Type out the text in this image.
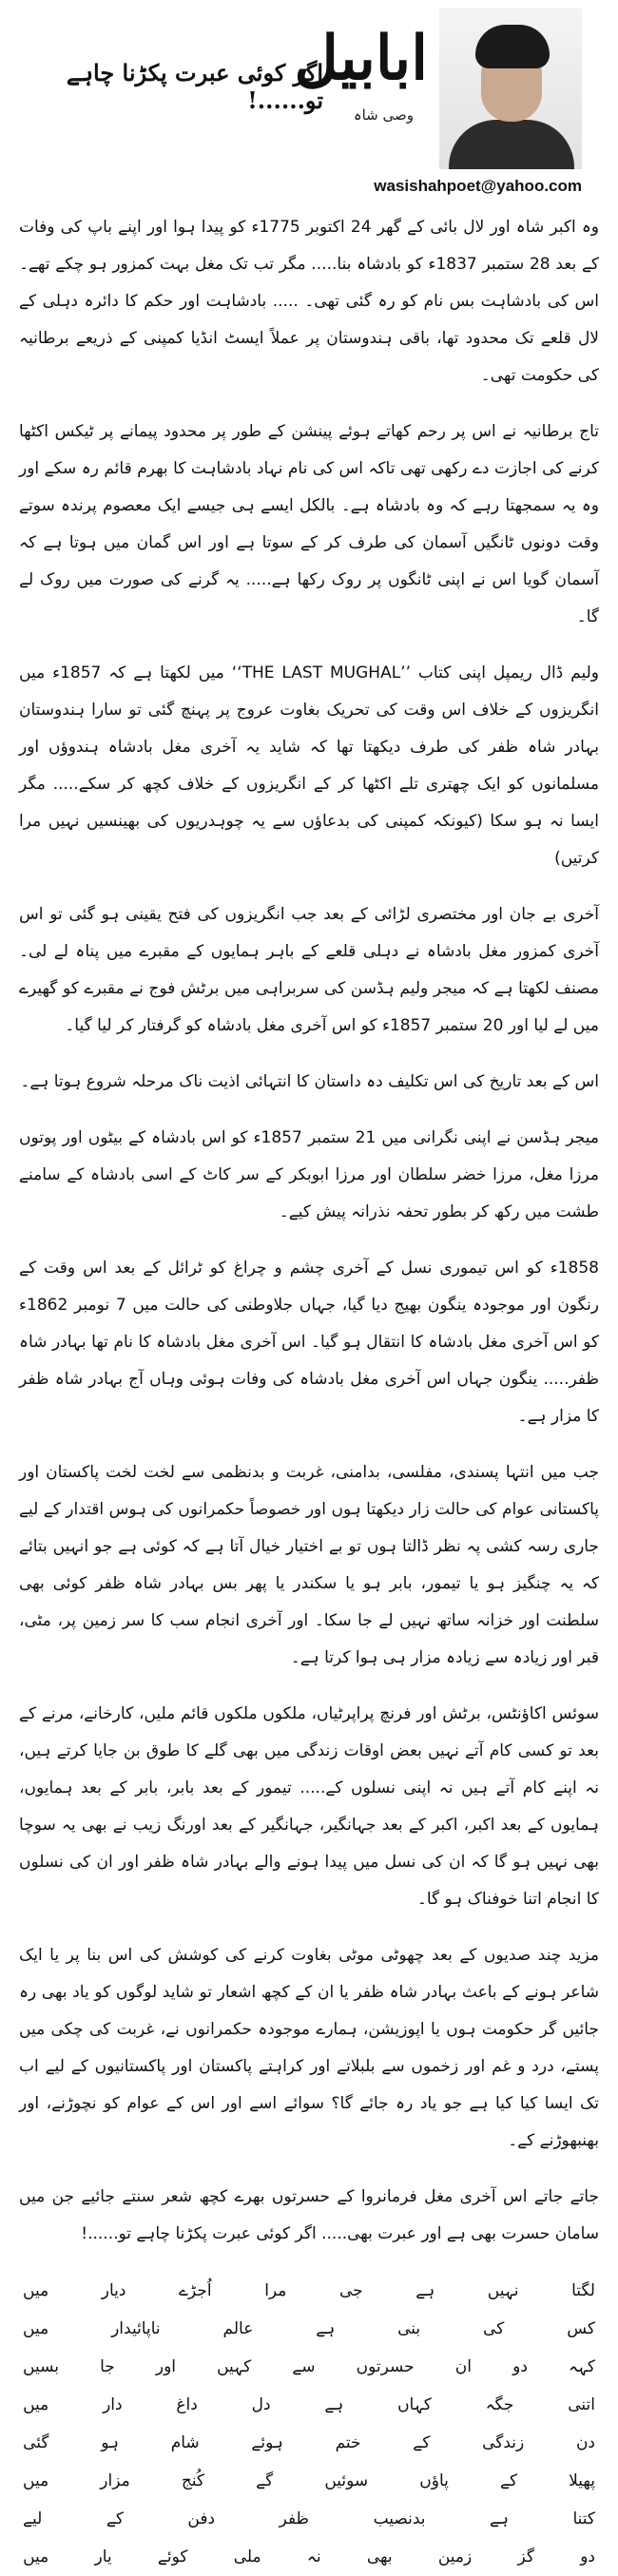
ابابیل
وصی شاہ
اگر کوئی عبرت پکڑنا چاہے تو......!
wasishahpoet@yahoo.com

وہ اکبر شاہ اور لال بائی کے گھر 24 اکتوبر 1775ء کو پیدا ہوا اور اپنے باپ کی وفات کے بعد 28 ستمبر 1837ء کو بادشاہ بنا..... مگر تب تک مغل بہت کمزور ہو چکے تھے۔ اس کی بادشاہت بس نام کو رہ گئی تھی۔ ..... بادشاہت اور حکم کا دائرہ دہلی کے لال قلعے تک محدود تھا، باقی ہندوستان پر عملاً ایسٹ انڈیا کمپنی کے ذریعے برطانیہ کی حکومت تھی۔

تاج برطانیہ نے اس پر رحم کھاتے ہوئے پینشن کے طور پر محدود پیمانے پر ٹیکس اکٹھا کرنے کی اجازت دے رکھی تھی تاکہ اس کی نام نہاد بادشاہت کا بھرم قائم رہ سکے اور وہ یہ سمجھتا رہے کہ وہ بادشاہ ہے۔ بالکل ایسے ہی جیسے ایک معصوم پرندہ سوتے وقت دونوں ٹانگیں آسمان کی طرف کر کے سوتا ہے اور اس گمان میں ہوتا ہے کہ آسمان گویا اس نے اپنی ٹانگوں پر روک رکھا ہے..... یہ گرنے کی صورت میں روک لے گا۔

ولیم ڈال ریمپل اپنی کتاب ’’THE LAST MUGHAL‘‘ میں لکھتا ہے کہ 1857ء میں انگریزوں کے خلاف اس وقت کی تحریک بغاوت عروج پر پہنچ گئی تو سارا ہندوستان بہادر شاہ ظفر کی طرف دیکھتا تھا کہ شاید یہ آخری مغل بادشاہ ہندوؤں اور مسلمانوں کو ایک چھتری تلے اکٹھا کر کے انگریزوں کے خلاف کچھ کر سکے..... مگر ایسا نہ ہو سکا (کیونکہ کمپنی کی بدعاؤں سے یہ چوہدریوں کی بھینسیں نہیں مرا کرتیں)

آخری بے جان اور مختصری لڑائی کے بعد جب انگریزوں کی فتح یقینی ہو گئی تو اس آخری کمزور مغل بادشاہ نے دہلی قلعے کے باہر ہمایوں کے مقبرے میں پناہ لے لی۔ مصنف لکھتا ہے کہ میجر ولیم ہڈسن کی سربراہی میں برٹش فوج نے مقبرے کو گھیرے میں لے لیا اور 20 ستمبر 1857ء کو اس آخری مغل بادشاہ کو گرفتار کر لیا گیا۔

اس کے بعد تاریخ کی اس تکلیف دہ داستان کا انتہائی اذیت ناک مرحلہ شروع ہوتا ہے۔

میجر ہڈسن نے اپنی نگرانی میں 21 ستمبر 1857ء کو اس بادشاہ کے بیٹوں اور پوتوں مرزا مغل، مرزا خضر سلطان اور مرزا ابوبکر کے سر کاٹ کے اسی بادشاہ کے سامنے طشت میں رکھ کر بطور تحفہ نذرانہ پیش کیے۔

1858ء کو اس تیموری نسل کے آخری چشم و چراغ کو ٹرائل کے بعد اس وقت کے رنگون اور موجودہ ینگون بھیج دیا گیا، جہاں جلاوطنی کی حالت میں 7 نومبر 1862ء کو اس آخری مغل بادشاہ کا انتقال ہو گیا۔ اس آخری مغل بادشاہ کا نام تھا بہادر شاہ ظفر..... ینگون جہاں اس آخری مغل بادشاہ کی وفات ہوئی وہاں آج بہادر شاہ ظفر کا مزار ہے۔

جب میں انتہا پسندی، مفلسی، بدامنی، غربت و بدنظمی سے لخت لخت پاکستان اور پاکستانی عوام کی حالت زار دیکھتا ہوں اور خصوصاً حکمرانوں کی ہوس اقتدار کے لیے جاری رسہ کشی پہ نظر ڈالتا ہوں تو بے اختیار خیال آتا ہے کہ کوئی ہے جو انہیں بتائے کہ یہ چنگیز ہو یا تیمور، بابر ہو یا سکندر یا پھر بس بہادر شاہ ظفر کوئی بھی سلطنت اور خزانہ ساتھ نہیں لے جا سکا۔ اور آخری انجام سب کا سر زمین پر، مٹی، قبر اور زیادہ سے زیادہ مزار ہی ہوا کرتا ہے۔

سوئس اکاؤنٹس، برٹش اور فرنچ پراپرٹیاں، ملکوں ملکوں قائم ملیں، کارخانے، مرنے کے بعد تو کسی کام آتے نہیں بعض اوقات زندگی میں بھی گلے کا طوق بن جایا کرتے ہیں، نہ اپنے کام آتے ہیں نہ اپنی نسلوں کے..... تیمور کے بعد بابر، بابر کے بعد ہمایوں، ہمایوں کے بعد اکبر، اکبر کے بعد جہانگیر، جہانگیر کے بعد اورنگ زیب نے بھی یہ سوچا بھی نہیں ہو گا کہ ان کی نسل میں پیدا ہونے والے بہادر شاہ ظفر اور ان کی نسلوں کا انجام اتنا خوفناک ہو گا۔

مزید چند صدیوں کے بعد چھوٹی موٹی بغاوت کرنے کی کوشش کی اس بنا پر یا ایک شاعر ہونے کے باعث بہادر شاہ ظفر یا ان کے کچھ اشعار تو شاید لوگوں کو یاد بھی رہ جائیں گر حکومت ہوں یا اپوزیشن، ہمارے موجودہ حکمرانوں نے، غربت کی چکی میں پستے، درد و غم اور زخموں سے بلبلاتے اور کراہتے پاکستان اور پاکستانیوں کے لیے اب تک ایسا کیا کیا ہے جو یاد رہ جائے گا؟ سوائے اسے اور اس کے عوام کو نچوڑنے، اور بھنبھوڑنے کے۔

جاتے جاتے اس آخری مغل فرمانروا کے حسرتوں بھرے کچھ شعر سنتے جائیے جن میں سامان حسرت بھی ہے اور عبرت بھی..... اگر کوئی عبرت پکڑنا چاہے تو......!

لگتا
نہیں
ہے
جی
مرا
اُجڑے
دیار
میں
کس
کی
بنی
ہے
عالم
ناپائیدار
میں
کہہ
دو
ان
حسرتوں
سے
کہیں
اور
جا
بسیں
اتنی
جگہ
کہاں
ہے
دل
داغ
دار
میں
دن
زندگی
کے
ختم
ہوئے
شام
ہو
گئی
پھیلا
کے
پاؤں
سوئیں
گے
کُنج
مزار
میں
کتنا
ہے
بدنصیب
ظفر
دفن
کے
لیے
دو
گز
زمین
بھی
نہ
ملی
کوئے
یار
میں
